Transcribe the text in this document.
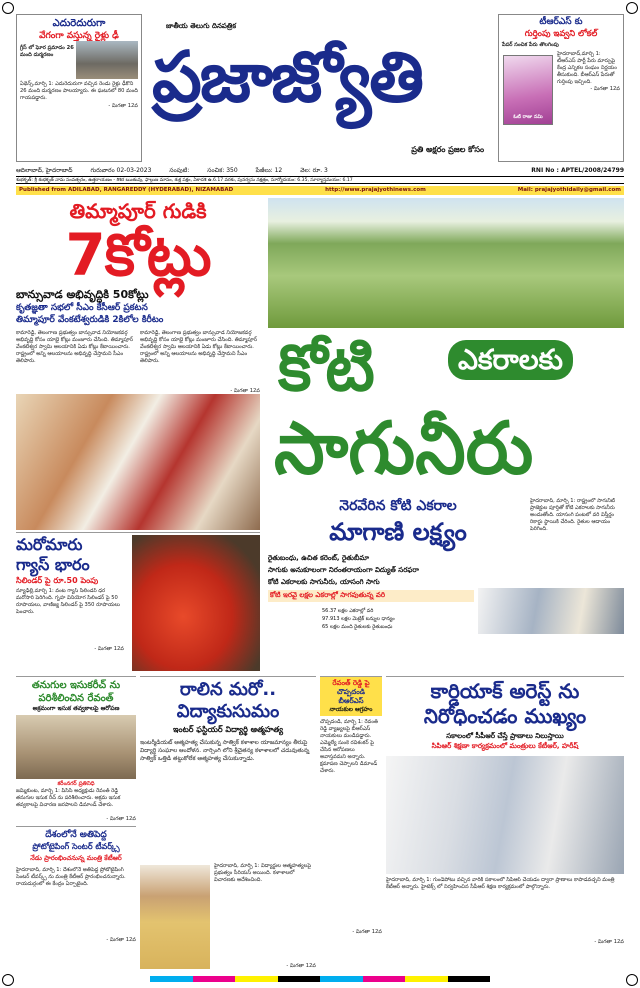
ఎదురెదురుగా
వేగంగా వస్తున్న రైళ్లు ఢీ
గ్రీస్ లో ఘోర ప్రమాదం 26 మంది దుర్మరణం
ఏథెన్స్,మార్చి 1: ఎదురెదురుగా వచ్చిన రెండు రైళ్లు ఢీకొని 26 మంది దుర్మరణం పాలయ్యారు. ఈ ఘటనలో 80 మంది గాయపడ్డారు.
- మిగతా 12వ
జాతీయ తెలుగు దినపత్రిక
ప్రజాజ్యోతి
ప్రతి అక్షరం ప్రజల కోసం
టీఆర్ఎస్ కు
గుర్తింపు ఇవ్వని లోకల్
పేపర్ సంచిక పేరు తొలగింపు
ఓటి రాజు నమి
హైదరాబాద్,మార్చి 1: టీఆర్ఎస్ పార్టీ పేరు మార్పుపై కేంద్ర ఎన్నికల సంఘం నిర్ణయం తీసుకుంది. బీఆర్ఎస్ పేరుతో గుర్తింపు ఇచ్చింది.
- మిగతా 12వ
ఆదిలాబాద్, హైదరాబాద్	గురువారం 02-03-2023	సంపుటి:	సంచిక: 350	పేజీలు: 12	వెల: రూ. 3	RNI No : APTEL/2008/24799
శుభకృత్: శ్రీ శుభకృత్ నామ సంవత్సరం, ఉత్తరాయణం - శిశిర ఋతువు, ఫాల్గుణ మాసం, శుక్ల పక్షం, ఏకాదశి ఉ.6.17 వరకు, పునర్వసు నక్షత్రం, సూర్యోదయం: 6.35, సూర్యాస్తమయం: 6.17
Published from ADILABAD, RANGAREDDY (HYDERABAD), NIZAMABAD	http://www.prajajyothinews.com	Mail: prajajyothidaily@gmail.com
తిమ్మాపూర్ గుడికి
7కోట్లు
బాన్సువాడ అభివృద్ధికి 50కోట్లు
కృతజ్ఞతా సభలో సీఎం కేసీఆర్ ప్రకటన
తిమ్మాపూర్ వేంకటేశ్వరుడికి 2కిలోల కిరీటం
కామారెడ్డి, తెలంగాణ ప్రభుత్వం బాన్సువాడ నియోజకవర్గ అభివృద్ధి కోసం యాభై కోట్లు మంజూరు చేసింది. తిమ్మాపూర్ వేంకటేశ్వర స్వామి ఆలయానికి ఏడు కోట్లు కేటాయించారు. రాష్ట్రంలో అన్ని ఆలయాలను అభివృద్ధి చేస్తామని సీఎం తెలిపారు.
కామారెడ్డి, తెలంగాణ ప్రభుత్వం బాన్సువాడ నియోజకవర్గ అభివృద్ధి కోసం యాభై కోట్లు మంజూరు చేసింది. తిమ్మాపూర్ వేంకటేశ్వర స్వామి ఆలయానికి ఏడు కోట్లు కేటాయించారు. రాష్ట్రంలో అన్ని ఆలయాలను అభివృద్ధి చేస్తామని సీఎం తెలిపారు.
- మిగతా 12వ కోటి	ఎకరాలకు
సాగునీరు
నెరవేరిన కోటి ఎకరాల
మాగాణి లక్ష్యం
రైతుబంధు, ఉచిత కరెంట్, రైతుబీమా
సాగుకు అనుకూలంగా నిరంతరాయంగా విద్యుత్ సరఫరా
కోటి ఎకరాలకు సాగునీరు, యాసంగి సాగు
కోటి ఇరవై లక్షల ఎకరాల్లో సాగవుతున్న వరి
56.37 లక్షల ఎకరాల్లో వరి
97.913 లక్షల మెట్రిక్ టన్నుల ధాన్యం
65 లక్షల మంది రైతులకు రైతుబంధు
హైదరాబాద్, మార్చి 1: రాష్ట్రంలో సాగునీటి ప్రాజెక్టుల పూర్తితో కోటి ఎకరాలకు సాగునీరు అందుతోంది. యాసంగి పంటలో వరి విస్తీర్ణం రికార్డు స్థాయికి చేరింది. రైతుల ఆదాయం పెరిగింది.
మరోమారు
గ్యాస్ భారం
సిలిండర్ పై రూ.50 పెంపు
న్యూఢిల్లీ,మార్చి 1: వంట గ్యాస్ సిలిండర్ ధర మరోసారి పెరిగింది. గృహ వినియోగ సిలిండర్ పై 50 రూపాయలు, వాణిజ్య సిలిండర్ పై 350 రూపాయలు పెంచారు.
- మిగతా 12వ
తనుగుల ఇసుకరీచ్ ను
పరిశీలించిన రేవంత్
అక్రమంగా ఇసుక తవ్వకాలపై ఆరోపణ
కరీంనగర్ ప్రతినిధి
జమ్మికుంట, మార్చి 1: పీసీసీ అధ్యక్షుడు రేవంత్ రెడ్డి తనుగుల ఇసుక రీచ్ ను పరిశీలించారు. అక్రమ ఇసుక తవ్వకాలపై విచారణ జరపాలని డిమాండ్ చేశారు.
- మిగతా 12వ
దేశంలోనే అతిపెద్ద
ప్రోటోటైపింగ్ సెంటర్ టీవర్క్స్
నేడు ప్రారంభించనున్న మంత్రి కేటీఆర్
హైదరాబాద్, మార్చి 1: దేశంలోనే అతిపెద్ద ప్రోటోటైపింగ్ సెంటర్ టీవర్క్స్ ను మంత్రి కేటీఆర్ ప్రారంభించనున్నారు. రాయదుర్గంలో ఈ కేంద్రం ఏర్పాటైంది.
- మిగతా 12వ
రాలిన మరో..
విద్యాకుసుమం
ఇంటర్ ఫస్టియర్ విద్యార్థి ఆత్మహత్య
ఇంటర్మీడియట్ ఆత్మహత్య చేసుకున్న సాత్విక్ కళాశాల యాజమాన్యం తీరుపై విద్యార్థి సంఘాల ఆందోళన. నార్సింగి లోని శ్రీచైతన్య కళాశాలలో చదువుతున్న సాత్విక్ ఒత్తిడి తట్టుకోలేక ఆత్మహత్య చేసుకున్నాడు.
హైదరాబాద్, మార్చి 1: విద్యార్థుల ఆత్మహత్యలపై ప్రభుత్వం సీరియస్ అయింది. కళాశాలలో విచారణకు ఆదేశించింది.
- మిగతా 12వ
రేవంత్ రెడ్డి పై
చొప్పదండి
బీఆర్ఎస్
నాయకుల ఆగ్రహం
చొప్పదండి, మార్చి 1: రేవంత్ రెడ్డి వ్యాఖ్యలపై బీఆర్ఎస్ నాయకులు మండిపడ్డారు. ఎమ్మెల్యే సుంకె రవిశంకర్ పై చేసిన ఆరోపణలు అవాస్తవమని అన్నారు. క్షమాపణ చెప్పాలని డిమాండ్ చేశారు.
- మిగతా 12వ
కార్డియాక్ అరెస్ట్ ను
నిరోధించడం ముఖ్యం
సకాలంలో సీపీఆర్ చేస్తే ప్రాణాలు నిలుస్తాయి
సిపిఆర్ శిక్షణా కార్యక్రమంలో మంత్రులు కేటీఆర్, హరీష్
హైదరాబాద్, మార్చి 1: గుండెపోటు వచ్చిన వారికి సకాలంలో సీపీఆర్ చేయడం ద్వారా ప్రాణాలు కాపాడవచ్చని మంత్రి కేటీఆర్ అన్నారు. హైటెక్స్ లో నిర్వహించిన సీపీఆర్ శిక్షణ కార్యక్రమంలో పాల్గొన్నారు.
- మిగతా 12వ
